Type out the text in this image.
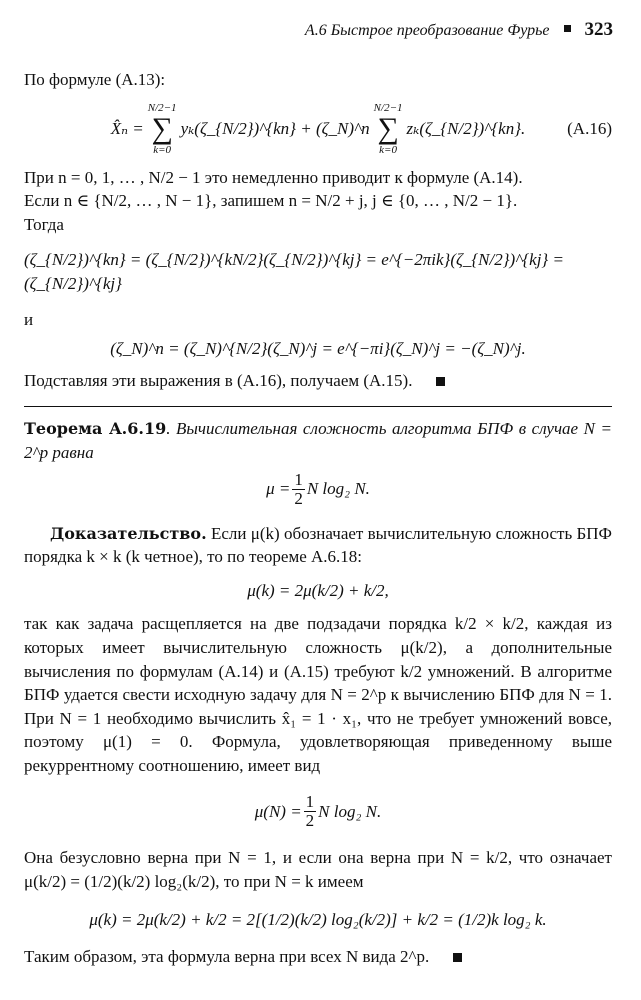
A.6 Быстрое преобразование Фурье 323

По формуле (A.13):

X̂ₙ =
N/2−1
∑
k=0
yₖ(ζ_{N/2})^{kn} + (ζ_N)^n
N/2−1
∑
k=0
zₖ(ζ_{N/2})^{kn}. (A.16)

При n = 0, 1, … , N/2 − 1 это немедленно приводит к формуле (A.14).

Если n ∈ {N/2, … , N − 1}, запишем n = N/2 + j, j ∈ {0, … , N/2 − 1}.

Тогда

(ζ_{N/2})^{kn} = (ζ_{N/2})^{kN/2}(ζ_{N/2})^{kj} = e^{−2πik}(ζ_{N/2})^{kj} = (ζ_{N/2})^{kj}

и

(ζ_N)^n = (ζ_N)^{N/2}(ζ_N)^j = e^{−πi}(ζ_N)^j = −(ζ_N)^j.

Подставляя эти выражения в (A.16), получаем (A.15).

Теорема A.6.19. Вычислительная сложность алгоритма БПФ в случае N = 2^p равна

$\mu = \frac{1}{2}$ N log₂ N.

Доказательство. Если μ(k) обозначает вычислительную сложность БПФ порядка k × k (k четное), то по теореме A.6.18:

μ(k) = 2μ(k/2) + k/2,

так как задача расщепляется на две подзадачи порядка k/2 × k/2, каждая из которых имеет вычислительную сложность μ(k/2), а дополнительные вычисления по формулам (A.14) и (A.15) требуют k/2 умножений. В алгоритме БПФ удается свести исходную задачу для N = 2^p к вычислению БПФ для N = 1. При N = 1 необходимо вычислить x̂₁ = 1 · x₁, что не требует умножений вовсе, поэтому μ(1) = 0. Формула, удовлетворяющая приведенному выше рекуррентному соотношению, имеет вид

$\mu(N) = \frac{1}{2}$ N log₂ N.

Она безусловно верна при N = 1, и если она верна при N = k/2, что означает μ(k/2) = (1/2)(k/2) log₂(k/2), то при N = k имеем

μ(k) = 2μ(k/2) + k/2 = 2[(1/2)(k/2) log₂(k/2)] + k/2 = (1/2)k log₂ k.

Таким образом, эта формула верна при всех N вида 2^p.
